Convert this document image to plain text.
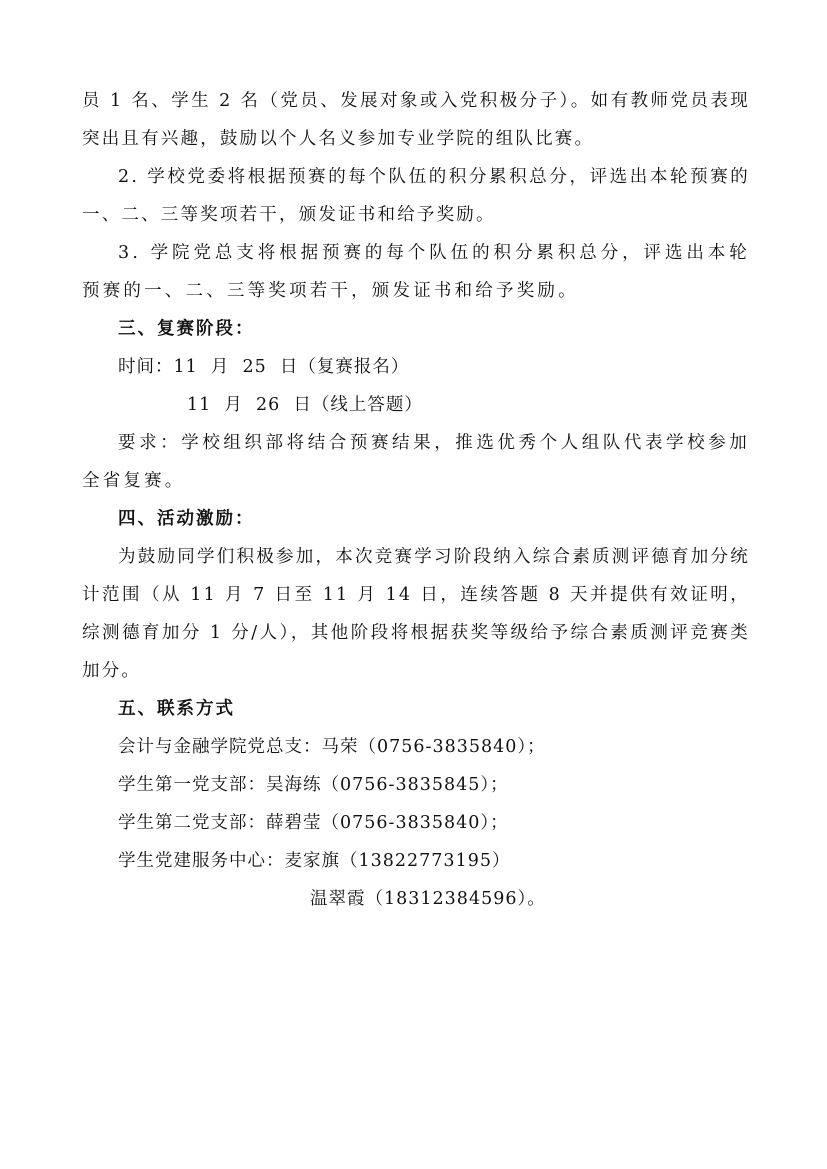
员 1 名、学生 2 名（党员、发展对象或入党积极分子）。如有教师党员表现突出且有兴趣，鼓励以个人名义参加专业学院的组队比赛。

2. 学校党委将根据预赛的每个队伍的积分累积总分，评选出本轮预赛的一、二、三等奖项若干，颁发证书和给予奖励。

3. 学院党总支将根据预赛的每个队伍的积分累积总分，评选出本轮预赛的一、二、三等奖项若干，颁发证书和给予奖励。

三、复赛阶段：

时间：11  月  25  日（复赛报名）

11  月  26  日（线上答题）

要求：学校组织部将结合预赛结果，推选优秀个人组队代表学校参加全省复赛。

四、活动激励：

为鼓励同学们积极参加，本次竞赛学习阶段纳入综合素质测评德育加分统计范围（从 11 月 7 日至 11 月 14 日，连续答题 8 天并提供有效证明，综测德育加分 1 分/人），其他阶段将根据获奖等级给予综合素质测评竞赛类加分。

五、联系方式

会计与金融学院党总支：马荣（0756-3835840）；

学生第一党支部：吴海练（0756-3835845）；

学生第二党支部：薛碧莹（0756-3835840）；

学生党建服务中心：麦家旗（13822773195）

温翠霞（18312384596）。
